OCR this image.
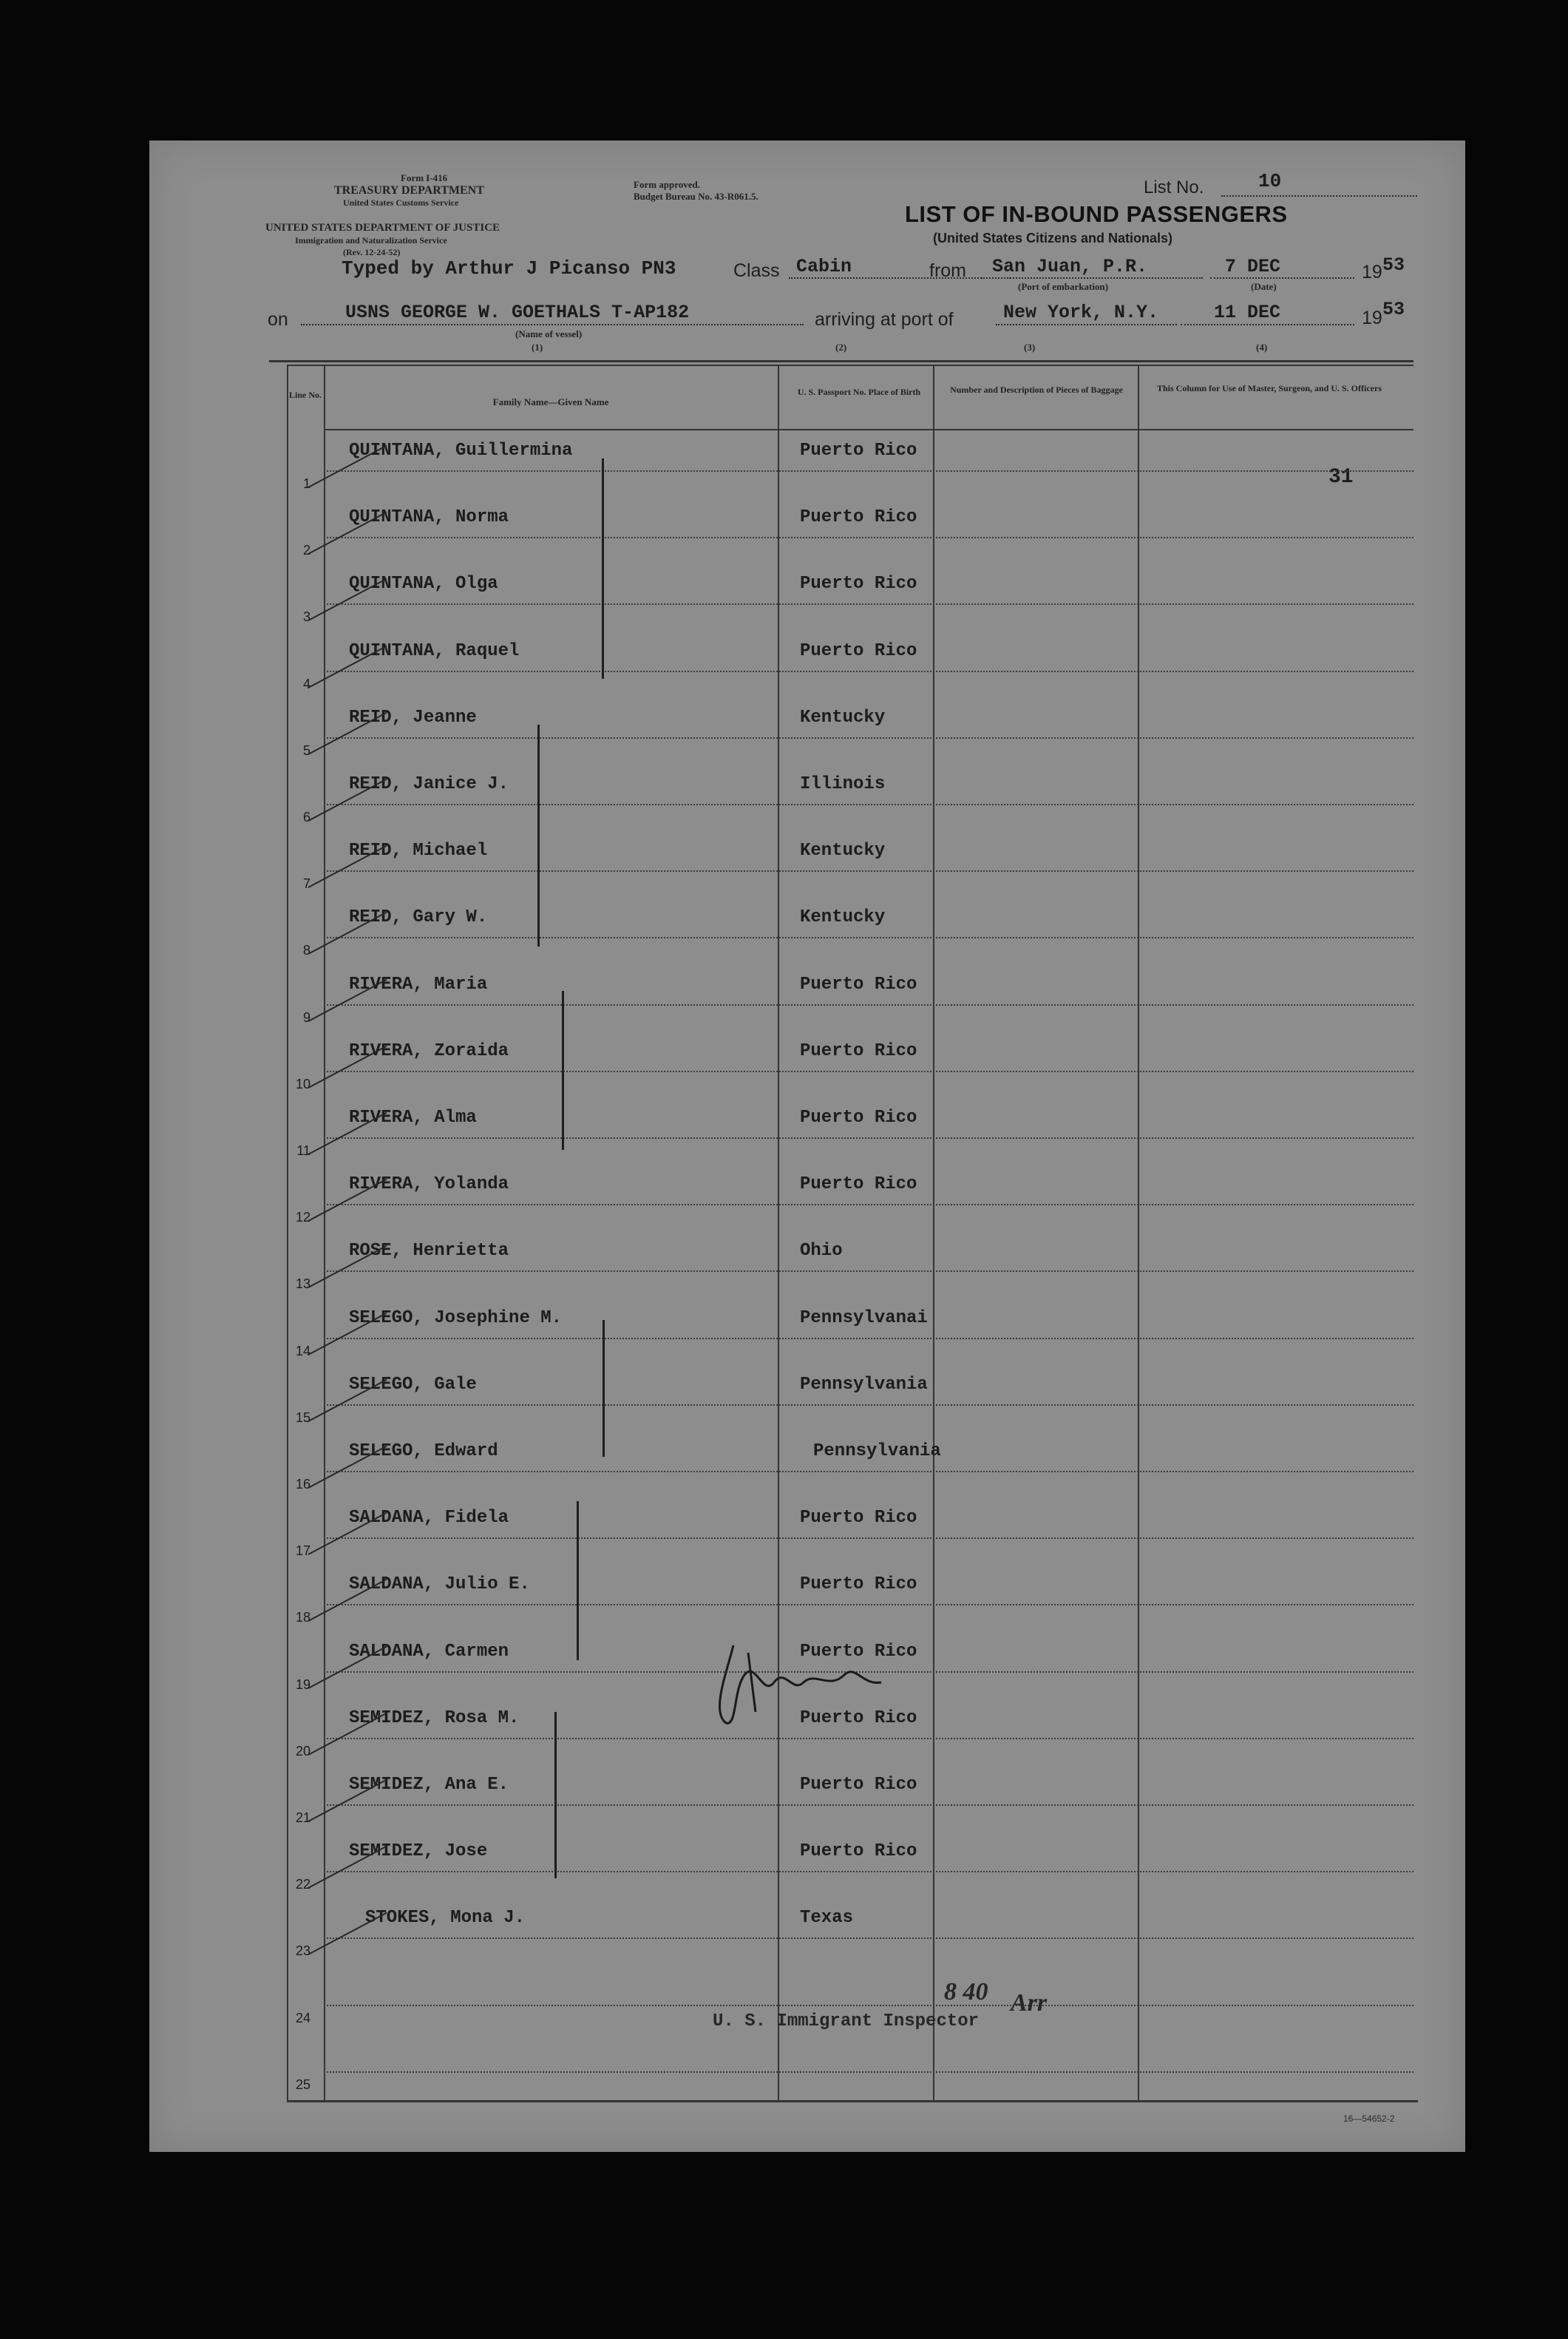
Form I-416
TREASURY DEPARTMENT
United States Customs Service
UNITED STATES DEPARTMENT OF JUSTICE
Immigration and Naturalization Service
(Rev. 12-24-52)
Form approved.
Budget Bureau No. 43-R061.5.
LIST OF IN-BOUND PASSENGERS
(United States Citizens and Nationals)
List No.	10
Typed by Arthur J Picanso PN3	Class Cabin	from San Juan, P.R.
(Port of embarkation)
7 DEC
(Date)
19 53
on	USNS GEORGE W. GOETHALS T-AP182
(Name of vessel)
(1)
arriving at port of	New York, N.Y.	11 DEC	19 53
(2)	(3)	(4)
Line No.
Family Name—Given Name
U. S. Passport No. Place of Birth	Number and Description of Pieces of Baggage	This Column for Use of Master, Surgeon, and U. S. Officers
31
1
QUINTANA, Guillermina	Puerto Rico
2
QUINTANA, Norma	Puerto Rico
3
QUINTANA, Olga	Puerto Rico
4
QUINTANA, Raquel	Puerto Rico
5
REID, Jeanne	Kentucky
6
REID, Janice J.	Illinois
7
REID, Michael	Kentucky
8
REID, Gary W.	Kentucky
9
RIVERA, Maria	Puerto Rico
10
RIVERA, Zoraida	Puerto Rico
11
RIVERA, Alma	Puerto Rico
12
RIVERA, Yolanda	Puerto Rico
13
ROSE, Henrietta	Ohio
14
SELEGO, Josephine M.	Pennsylvanai
15
SELEGO, Gale	Pennsylvania
16
SELEGO, Edward	Pennsylvania
17
SALDANA, Fidela	Puerto Rico
18
SALDANA, Julio E.	Puerto Rico
19
SALDANA, Carmen	Puerto Rico
20
SEMIDEZ, Rosa M.	Puerto Rico
21
SEMIDEZ, Ana E.	Puerto Rico
22
SEMIDEZ, Jose	Puerto Rico
23
STOKES, Mona J.	Texas
24
25
U. S. Immigrant Inspector
8 40 Arr
16—54652-2
